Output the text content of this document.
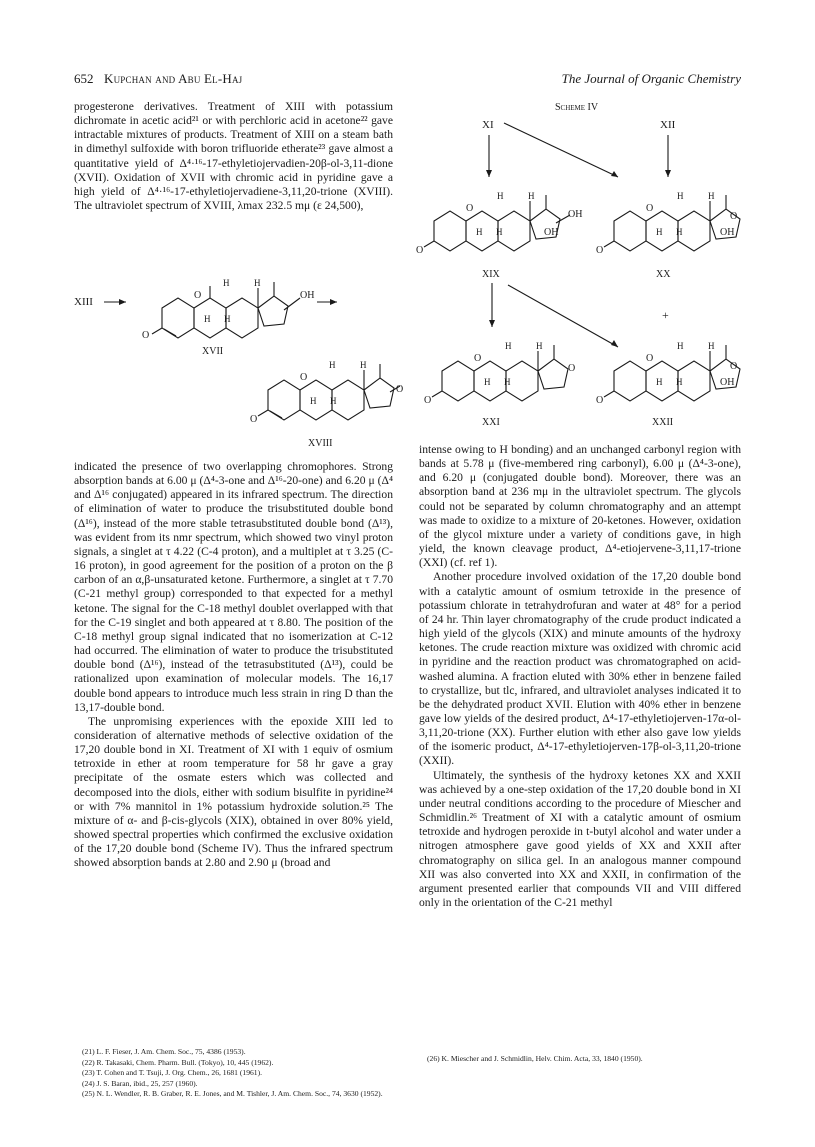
652 Kupchan and Abu El-Haj	The Journal of Organic Chemistry

progesterone derivatives. Treatment of XIII with potassium dichromate in acetic acid²¹ or with perchloric acid in acetone²² gave intractable mixtures of products. Treatment of XIII on a steam bath in dimethyl sulfoxide with boron trifluoride etherate²³ gave almost a quantitative yield of Δ⁴·¹⁶-17-ethyletiojervadien-20β-ol-3,11-dione (XVII). Oxidation of XVII with chromic acid in pyridine gave a high yield of Δ⁴·¹⁶-17-ethyletiojervadiene-3,11,20-trione (XVIII). The ultraviolet spectrum of XVIII, λmax 232.5 mμ (ε 24,500),

XIII
O
O
H	H
H H
OH
XVII
O
O
H	H
H H
O
XVIII

indicated the presence of two overlapping chromophores. Strong absorption bands at 6.00 μ (Δ⁴-3-one and Δ¹⁶-20-one) and 6.20 μ (Δ⁴ and Δ¹⁶ conjugated) appeared in its infrared spectrum. The direction of elimination of water to produce the trisubstituted double bond (Δ¹⁶), instead of the more stable tetrasubstituted double bond (Δ¹³), was evident from its nmr spectrum, which showed two vinyl proton signals, a singlet at τ 4.22 (C-4 proton), and a multiplet at τ 3.25 (C-16 proton), in good agreement for the position of a proton on the β carbon of an α,β-unsaturated ketone. Furthermore, a singlet at τ 7.70 (C-21 methyl group) corresponded to that expected for a methyl ketone. The signal for the C-18 methyl doublet overlapped with that for the C-19 singlet and both appeared at τ 8.80. The position of the C-18 methyl group signal indicated that no isomerization at C-12 had occurred. The elimination of water to produce the trisubstituted double bond (Δ¹⁶), instead of the tetrasubstituted (Δ¹³), could be rationalized upon examination of molecular models. The 16,17 double bond appears to introduce much less strain in ring D than the 13,17-double bond.

The unpromising experiences with the epoxide XIII led to consideration of alternative methods of selective oxidation of the 17,20 double bond in XI. Treatment of XI with 1 equiv of osmium tetroxide in ether at room temperature for 58 hr gave a gray precipitate of the osmate esters which was collected and decomposed into the diols, either with sodium bisulfite in pyridine²⁴ or with 7% mannitol in 1% potassium hydroxide solution.²⁵ The mixture of α- and β-cis-glycols (XIX), obtained in over 80% yield, showed spectral properties which confirmed the exclusive oxidation of the 17,20 double bond (Scheme IV). Thus the infrared spectrum showed absorption bands at 2.80 and 2.90 μ (broad and

(21) L. F. Fieser, J. Am. Chem. Soc., 75, 4386 (1953).
(22) R. Takasaki, Chem. Pharm. Bull. (Tokyo), 10, 445 (1962).
(23) T. Cohen and T. Tsuji, J. Org. Chem., 26, 1681 (1961).
(24) J. S. Baran, ibid., 25, 257 (1960).
(25) N. L. Wendler, R. B. Graber, R. E. Jones, and M. Tishler, J. Am. Chem. Soc., 74, 3630 (1952).
Scheme IV
XI	XII
O
O
H	H
H H
OH
OH
XIX
O
O
H	H
H H
O
OH
XX
+
O
O
H	H
H H
O
XXI
O
O
H	H
H H
O
OH
XXII

intense owing to H bonding) and an unchanged carbonyl region with bands at 5.78 μ (five-membered ring carbonyl), 6.00 μ (Δ⁴-3-one), and 6.20 μ (conjugated double bond). Moreover, there was an absorption band at 236 mμ in the ultraviolet spectrum. The glycols could not be separated by column chromatography and an attempt was made to oxidize to a mixture of 20-ketones. However, oxidation of the glycol mixture under a variety of conditions gave, in high yield, the known cleavage product, Δ⁴-etiojervene-3,11,17-trione (XXI) (cf. ref 1).

Another procedure involved oxidation of the 17,20 double bond with a catalytic amount of osmium tetroxide in the presence of potassium chlorate in tetrahydrofuran and water at 48° for a period of 24 hr. Thin layer chromatography of the crude product indicated a high yield of the glycols (XIX) and minute amounts of the hydroxy ketones. The crude reaction mixture was oxidized with chromic acid in pyridine and the reaction product was chromatographed on acid-washed alumina. A fraction eluted with 30% ether in benzene failed to crystallize, but tlc, infrared, and ultraviolet analyses indicated it to be the dehydrated product XVII. Elution with 40% ether in benzene gave low yields of the desired product, Δ⁴-17-ethyletiojerven-17α-ol-3,11,20-trione (XX). Further elution with ether also gave low yields of the isomeric product, Δ⁴-17-ethyletiojerven-17β-ol-3,11,20-trione (XXII).

Ultimately, the synthesis of the hydroxy ketones XX and XXII was achieved by a one-step oxidation of the 17,20 double bond in XI under neutral conditions according to the procedure of Miescher and Schmidlin.²⁶ Treatment of XI with a catalytic amount of osmium tetroxide and hydrogen peroxide in t-butyl alcohol and water under a nitrogen atmosphere gave good yields of XX and XXII after chromatography on silica gel. In an analogous manner compound XII was also converted into XX and XXII, in confirmation of the argument presented earlier that compounds VII and VIII differed only in the orientation of the C-21 methyl

(26) K. Miescher and J. Schmidlin, Helv. Chim. Acta, 33, 1840 (1950).
